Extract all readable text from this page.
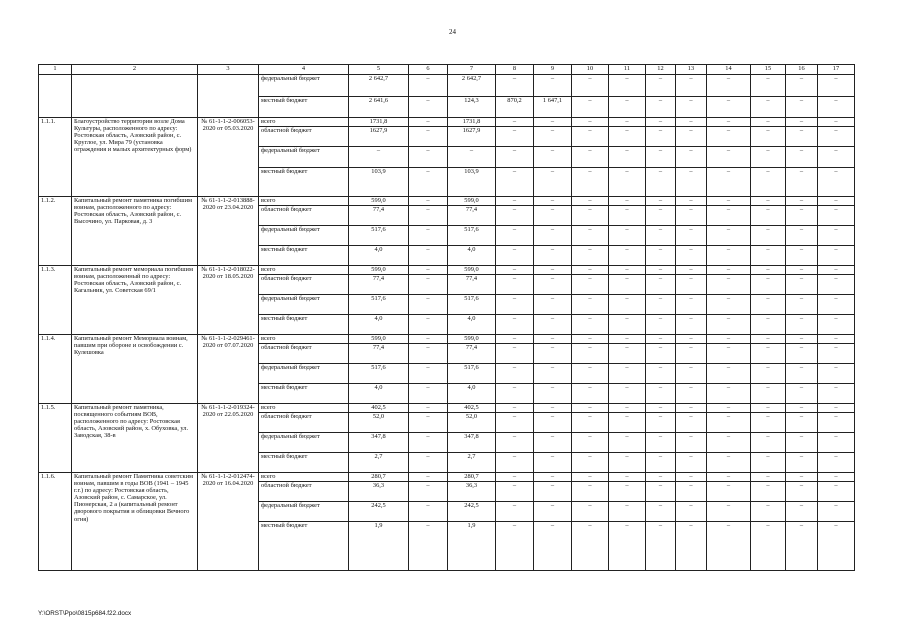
24
1	2	3	4	5	6	7	8	9	10	11	12	13	14	15	16	17
			федеральный бюджет	2 642,7	–	2 642,7	–	–	–	–	–	–	–	–	–	–
			местный бюджет	2 641,6	–	124,3	870,2	1 647,1	–	–	–	–	–	–	–	–
1.1.1.	Благоустройство территории возле Дома Культуры, расположенного по адресу: Ростовская область, Азовский район, с. Круглое, ул. Мира 79 (установка ограждения и малых архитектурных форм)	№ 61-1-1-2-006053-2020 от 05.03.2020	всего	1731,8	–	1731,8	–	–	–	–	–	–	–	–	–	–
			областной бюджет	1627,9	–	1627,9	–	–	–	–	–	–	–	–	–	–
			федеральный бюджет	–	–	–	–	–	–	–	–	–	–	–	–	–
			местный бюджет	103,9	–	103,9	–	–	–	–	–	–	–	–	–	–
1.1.2.	Капитальный ремонт памятника погибшим воинам, расположенного по адресу: Ростовская область, Азовский район, с. Высочино, ул. Парковая, д. 3	№ 61-1-1-2-013888-2020 от 23.04.2020	всего	599,0	–	599,0	–	–	–	–	–	–	–	–	–	–
			областной бюджет	77,4	–	77,4	–	–	–	–	–	–	–	–	–	–
			федеральный бюджет	517,6	–	517,6	–	–	–	–	–	–	–	–	–	–
			местный бюджет	4,0	–	4,0	–	–	–	–	–	–	–	–	–	–
1.1.3.	Капитальный ремонт мемориала погибшим воинам, расположенный по адресу: Ростовская область, Азовский район, с. Кагальник, ул. Советская 69/1	№ 61-1-1-2-018022-2020 от 18.05.2020	всего	599,0	–	599,0	–	–	–	–	–	–	–	–	–	–
			областной бюджет	77,4	–	77,4	–	–	–	–	–	–	–	–	–	–
			федеральный бюджет	517,6	–	517,6	–	–	–	–	–	–	–	–	–	–
			местный бюджет	4,0	–	4,0	–	–	–	–	–	–	–	–	–	–
1.1.4.	Капитальный ремонт Мемориала воинам, павшим при обороне и освобождении с. Кулешовка	№ 61-1-1-2-029461-2020 от 07.07.2020	всего	599,0	–	599,0	–	–	–	–	–	–	–	–	–	–
			областной бюджет	77,4	–	77,4	–	–	–	–	–	–	–	–	–	–
			федеральный бюджет	517,6	–	517,6	–	–	–	–	–	–	–	–	–	–
			местный бюджет	4,0	–	4,0	–	–	–	–	–	–	–	–	–	–
1.1.5.	Капитальный ремонт памятника, посвященного событиям ВОВ, расположенного по адресу: Ростовская область, Азовский район, х. Обуховка, ул. Заводская, 38-в	№ 61-1-1-2-019324-2020 от 22.05.2020	всего	402,5	–	402,5	–	–	–	–	–	–	–	–	–	–
			областной бюджет	52,0	–	52,0	–	–	–	–	–	–	–	–	–	–
			федеральный бюджет	347,8	–	347,8	–	–	–	–	–	–	–	–	–	–
			местный бюджет	2,7	–	2,7	–	–	–	–	–	–	–	–	–	–
1.1.6.	Капитальный ремонт Памятника советским воинам, павшим в годы ВОВ (1941 – 1945 г.г.) по адресу: Ростовская область, Азовский район, с. Самарское, ул. Пионерская, 2 а (капитальный ремонт дворового покрытия и облицовки Вечного огня)	№ 61-1-1-2-012474-2020 от 16.04.2020	всего	280,7	–	280,7	–	–	–	–	–	–	–	–	–	–
			областной бюджет	36,3	–	36,3	–	–	–	–	–	–	–	–	–	–
			федеральный бюджет	242,5	–	242,5	–	–	–	–	–	–	–	–	–	–
			местный бюджет	1,9	–	1,9	–	–	–	–	–	–	–	–	–	–
Y:\ORST\Ppo\0815p684.f22.docx
